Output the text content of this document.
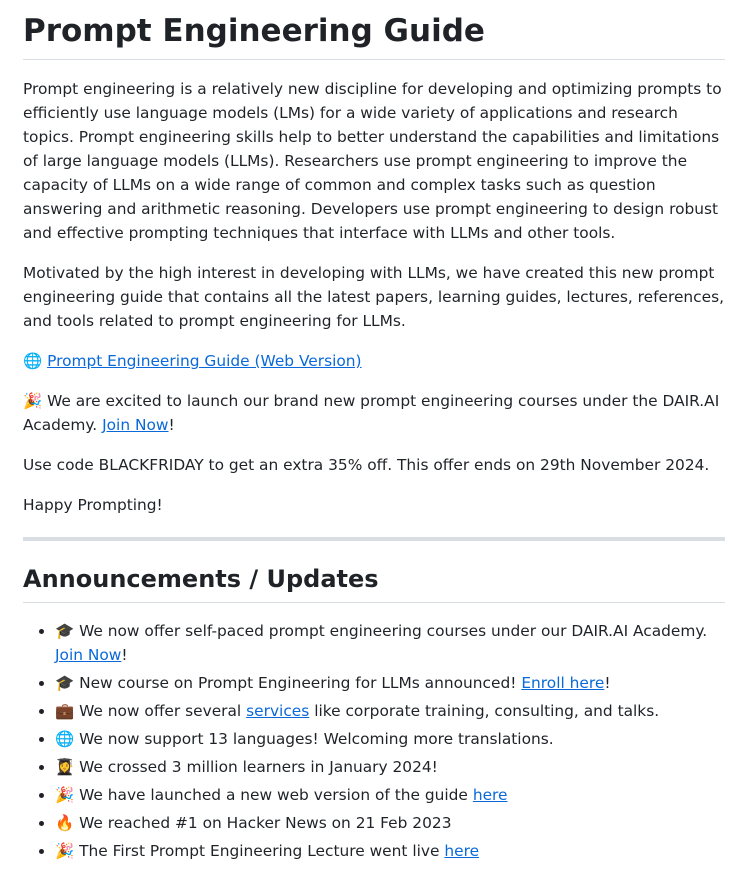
Prompt Engineering Guide

Prompt engineering is a relatively new discipline for developing and optimizing prompts to efficiently use language models (LMs) for a wide variety of applications and research topics. Prompt engineering skills help to better understand the capabilities and limitations of large language models (LLMs). Researchers use prompt engineering to improve the capacity of LLMs on a wide range of common and complex tasks such as question answering and arithmetic reasoning. Developers use prompt engineering to design robust and effective prompting techniques that interface with LLMs and other tools.

Motivated by the high interest in developing with LLMs, we have created this new prompt engineering guide that contains all the latest papers, learning guides, lectures, references, and tools related to prompt engineering for LLMs.

🌐 Prompt Engineering Guide (Web Version)

🎉 We are excited to launch our brand new prompt engineering courses under the DAIR.AI Academy. Join Now!

Use code BLACKFRIDAY to get an extra 35% off. This offer ends on 29th November 2024.

Happy Prompting!

Announcements / Updates
• 🎓 We now offer self-paced prompt engineering courses under our DAIR.AI Academy. Join Now!
• 🎓 New course on Prompt Engineering for LLMs announced! Enroll here!
• 💼 We now offer several services like corporate training, consulting, and talks.
• 🌐 We now support 13 languages! Welcoming more translations.
• 👩‍🎓 We crossed 3 million learners in January 2024!
• 🎉 We have launched a new web version of the guide here
• 🔥 We reached #1 on Hacker News on 21 Feb 2023
• 🎉 The First Prompt Engineering Lecture went live here
